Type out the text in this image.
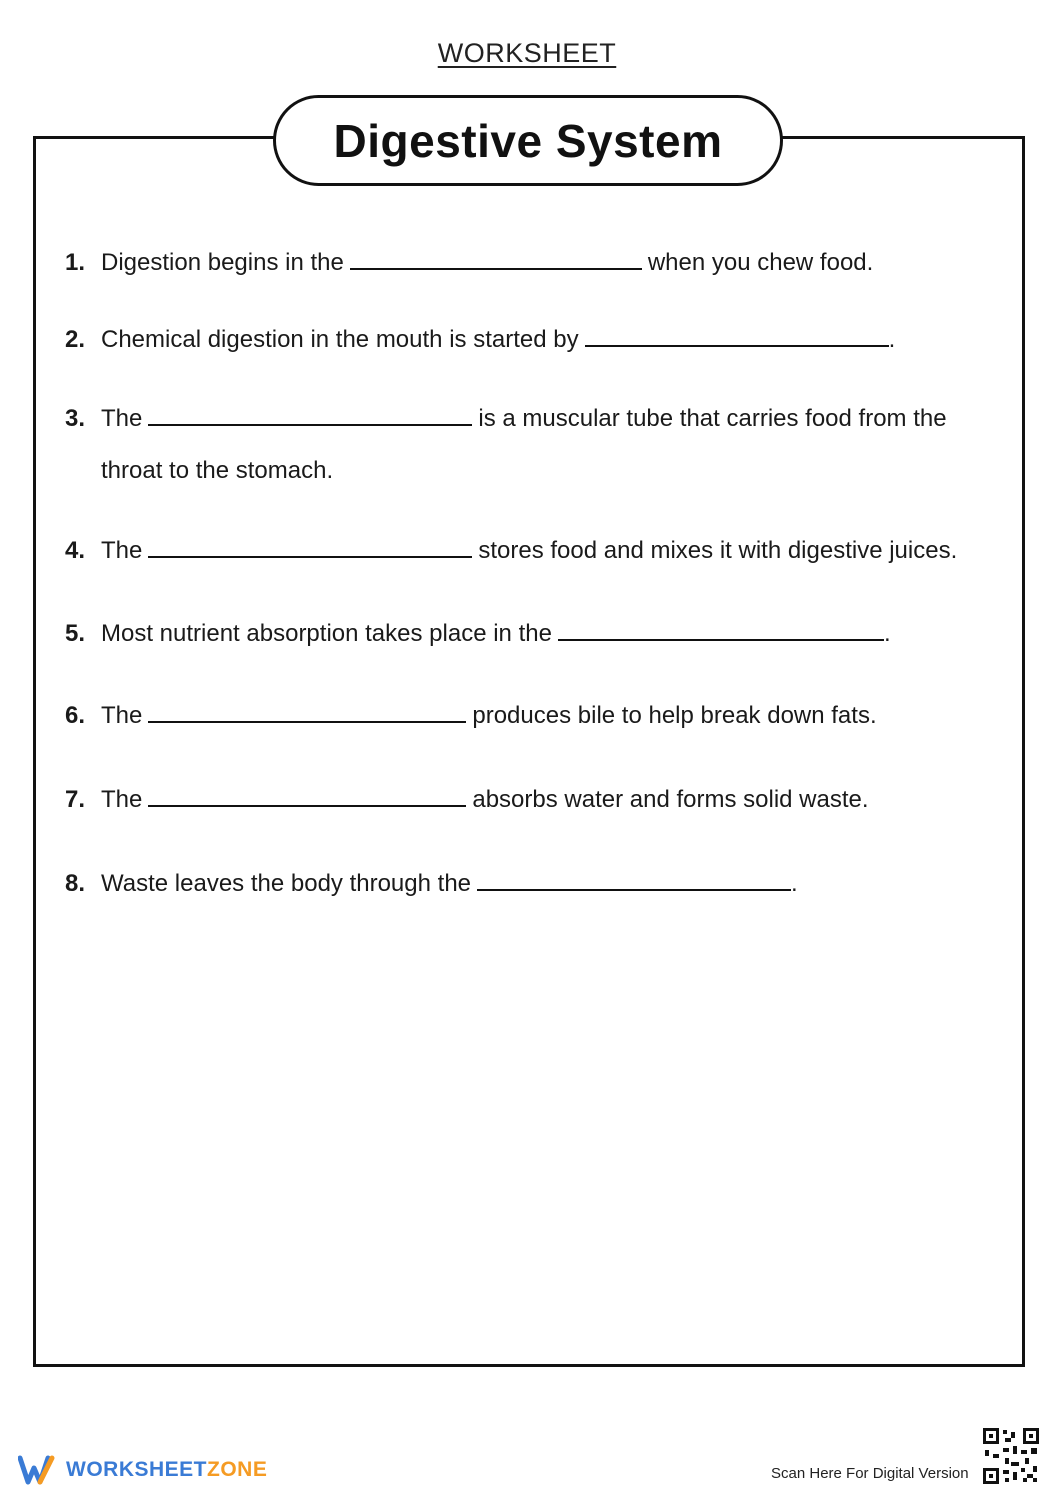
WORKSHEET
Digestive System
1. Digestion begins in the	when you chew food.
2. Chemical digestion in the mouth is started by	.
3. The	is a muscular tube that carries food from the
throat to the stomach.
4. The	stores food and mixes it with digestive juices.
5. Most nutrient absorption takes place in the	.
6. The	produces bile to help break down fats.
7. The	absorbs water and forms solid waste.
8. Waste leaves the body through the	.
WORKSHEETZONE	Scan Here For Digital Version
